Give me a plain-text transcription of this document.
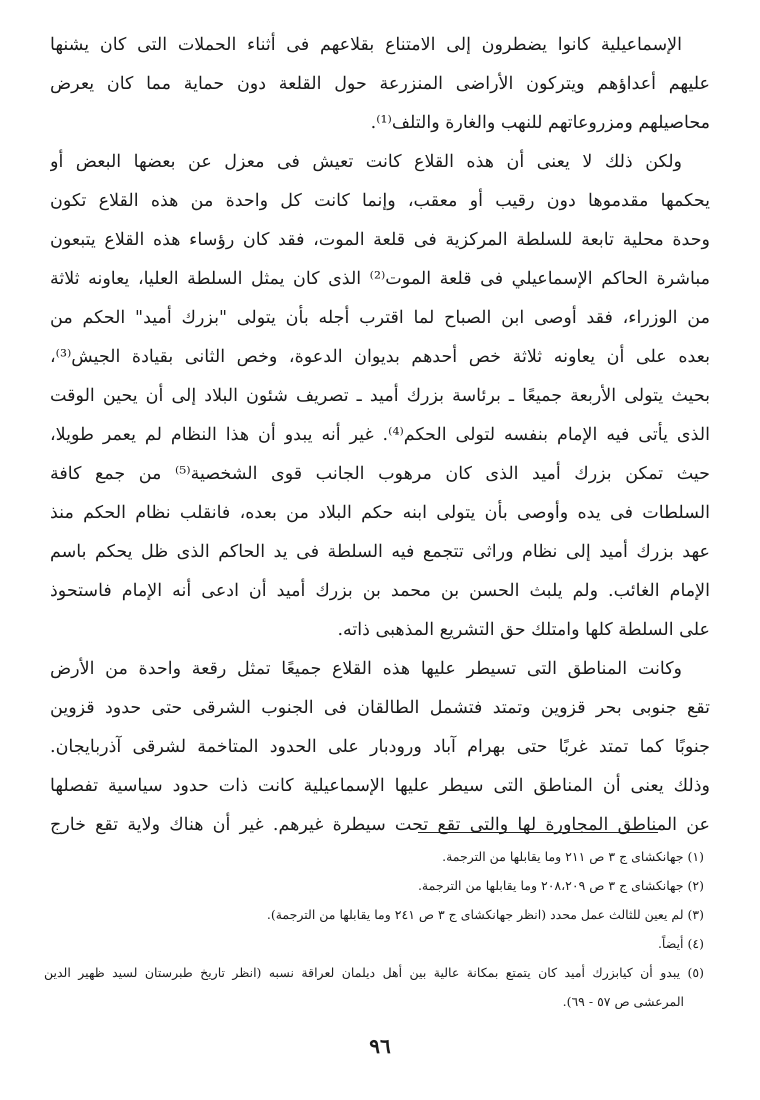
الإسماعيلية كانوا يضطرون إلى الامتناع بقلاعهم فى أثناء الحملات التى كان يشنها
عليهم أعداؤهم ويتركون الأراضى المنزرعة حول القلعة دون حماية مما كان يعرض
محاصيلهم ومزروعاتهم للنهب والغارة والتلف⁽¹⁾.
ولكن ذلك لا يعنى أن هذه القلاع كانت تعيش فى معزل عن بعضها البعض أو
يحكمها مقدموها دون رقيب أو معقب، وإنما كانت كل واحدة من هذه القلاع تكون
وحدة محلية تابعة للسلطة المركزية فى قلعة الموت، فقد كان رؤساء هذه القلاع يتبعون
مباشرة الحاكم الإسماعيلي فى قلعة الموت⁽²⁾ الذى كان يمثل السلطة العليا، يعاونه ثلاثة
من الوزراء، فقد أوصى ابن الصباح لما اقترب أجله بأن يتولى "بزرك أميد" الحكم من
بعده على أن يعاونه ثلاثة خص أحدهم بديوان الدعوة، وخص الثانى بقيادة الجيش⁽³⁾،
بحيث يتولى الأربعة جميعًا ـ برئاسة بزرك أميد ـ تصريف شئون البلاد إلى أن يحين الوقت
الذى يأتى فيه الإمام بنفسه لتولى الحكم⁽⁴⁾. غير أنه يبدو أن هذا النظام لم يعمر طويلا،
حيث تمكن بزرك أميد الذى كان مرهوب الجانب قوى الشخصية⁽⁵⁾ من جمع كافة
السلطات فى يده وأوصى بأن يتولى ابنه حكم البلاد من بعده، فانقلب نظام الحكم منذ
عهد بزرك أميد إلى نظام وراثى تتجمع فيه السلطة فى يد الحاكم الذى ظل يحكم باسم
الإمام الغائب. ولم يلبث الحسن بن محمد بن بزرك أميد أن ادعى أنه الإمام فاستحوذ
على السلطة كلها وامتلك حق التشريع المذهبى ذاته.
وكانت المناطق التى تسيطر عليها هذه القلاع جميعًا تمثل رقعة واحدة من الأرض
تقع جنوبى بحر قزوين وتمتد فتشمل الطالقان فى الجنوب الشرقى حتى حدود قزوين
جنوبًا كما تمتد غربًا حتى بهرام آباد ورودبار على الحدود المتاخمة لشرقى آذربايجان.
وذلك يعنى أن المناطق التى سيطر عليها الإسماعيلية كانت ذات حدود سياسية تفصلها
عن المناطق المجاورة لها والتى تقع تحت سيطرة غيرهم. غير أن هناك ولاية تقع خارج
(١) جهانكشاى ج ٣ ص ٢١١ وما يقابلها من الترجمة.
(٢) جهانكشاى ج ٣ ص ٢٠٨،٢٠٩ وما يقابلها من الترجمة.
(٣) لم يعين للثالث عمل محدد (انظر جهانكشاى ج ٣ ص ٢٤١ وما يقابلها من الترجمة).
(٤) أيضاً.
(٥) يبدو أن كيابزرك أميد كان يتمتع بمكانة عالية بين أهل ديلمان لعراقة نسبه (انظر تاريخ طبرستان لسيد ظهير الدين
المرعشى ص ٥٧ - ٦٩).
٩٦
